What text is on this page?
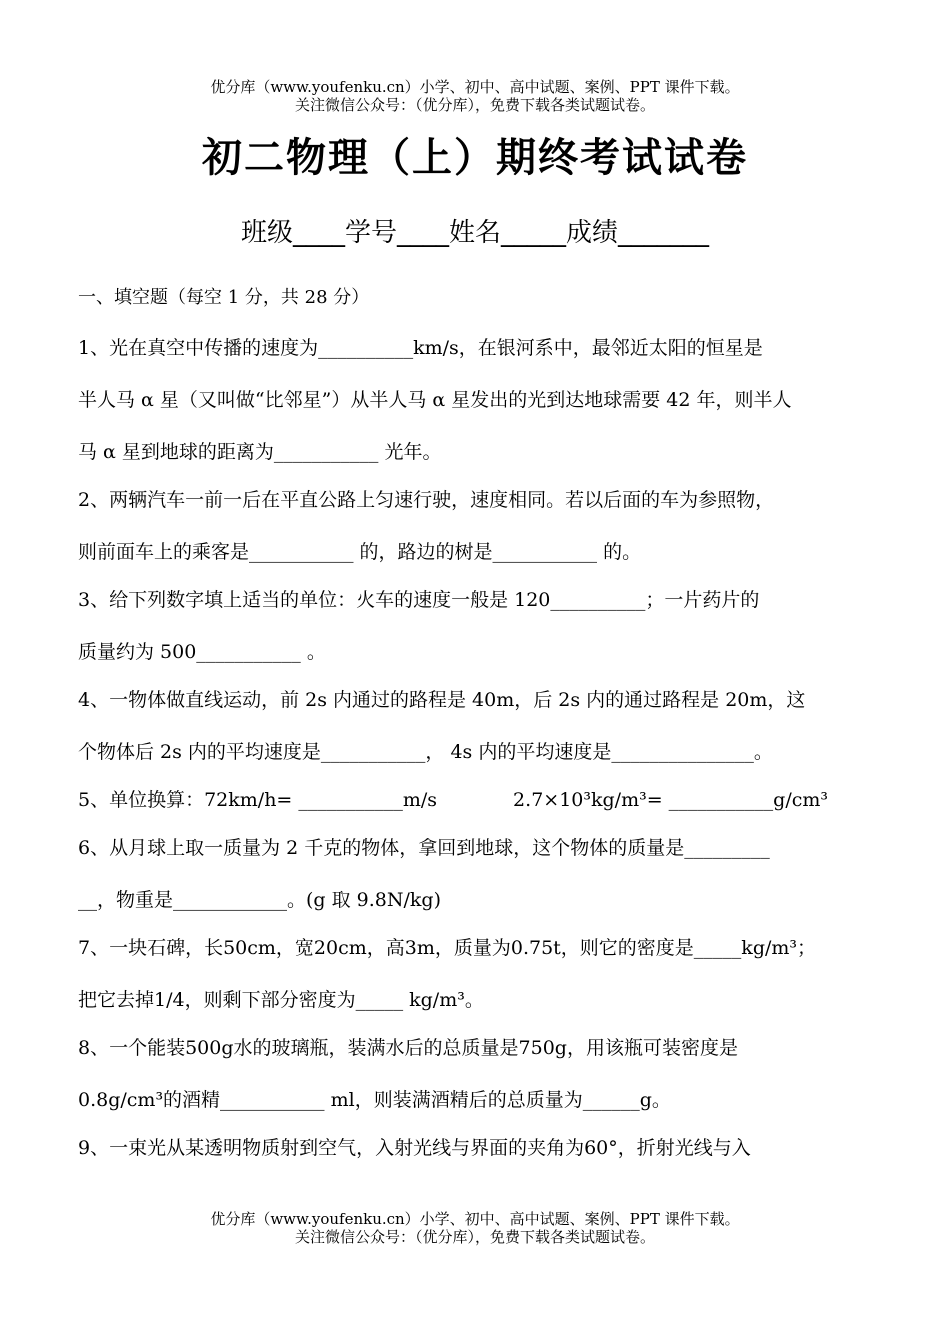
优分库（www.youfenku.cn）小学、初中、高中试题、案例、PPT 课件下载。
关注微信公众号：（优分库），免费下载各类试题试卷。
初二物理（上）期终考试试卷
班级____学号____姓名_____成绩_______
一、填空题（每空 1 分，共 28 分）
1、光在真空中传播的速度为__________km/s，在银河系中，最邻近太阳的恒星是
半人马 α 星（又叫做“比邻星”）从半人马 α 星发出的光到达地球需要 42 年，则半人
马 α 星到地球的距离为___________ 光年。
2、两辆汽车一前一后在平直公路上匀速行驶，速度相同。若以后面的车为参照物，
则前面车上的乘客是___________ 的，路边的树是___________ 的。
3、给下列数字填上适当的单位：火车的速度一般是 120__________；一片药片的
质量约为 500___________ 。
4、一物体做直线运动，前 2s 内通过的路程是 40m，后 2s 内的通过路程是 20m，这
个物体后 2s 内的平均速度是___________， 4s 内的平均速度是_______________。
5、单位换算：72km/h= ___________m/s　　　　2.7×10³kg/m³= ___________g/cm³
6、从月球上取一质量为 2 千克的物体，拿回到地球，这个物体的质量是_________
__，物重是____________。(g 取 9.8N/kg)
7、一块石碑，长50cm，宽20cm，高3m，质量为0.75t，则它的密度是_____kg/m³；
把它去掉1/4，则剩下部分密度为_____ kg/m³。
8、一个能装500g水的玻璃瓶，装满水后的总质量是750g，用该瓶可装密度是
0.8g/cm³的酒精___________ ml，则装满酒精后的总质量为______g。
9、一束光从某透明物质射到空气，入射光线与界面的夹角为60°，折射光线与入
优分库（www.youfenku.cn）小学、初中、高中试题、案例、PPT 课件下载。
关注微信公众号：（优分库），免费下载各类试题试卷。
